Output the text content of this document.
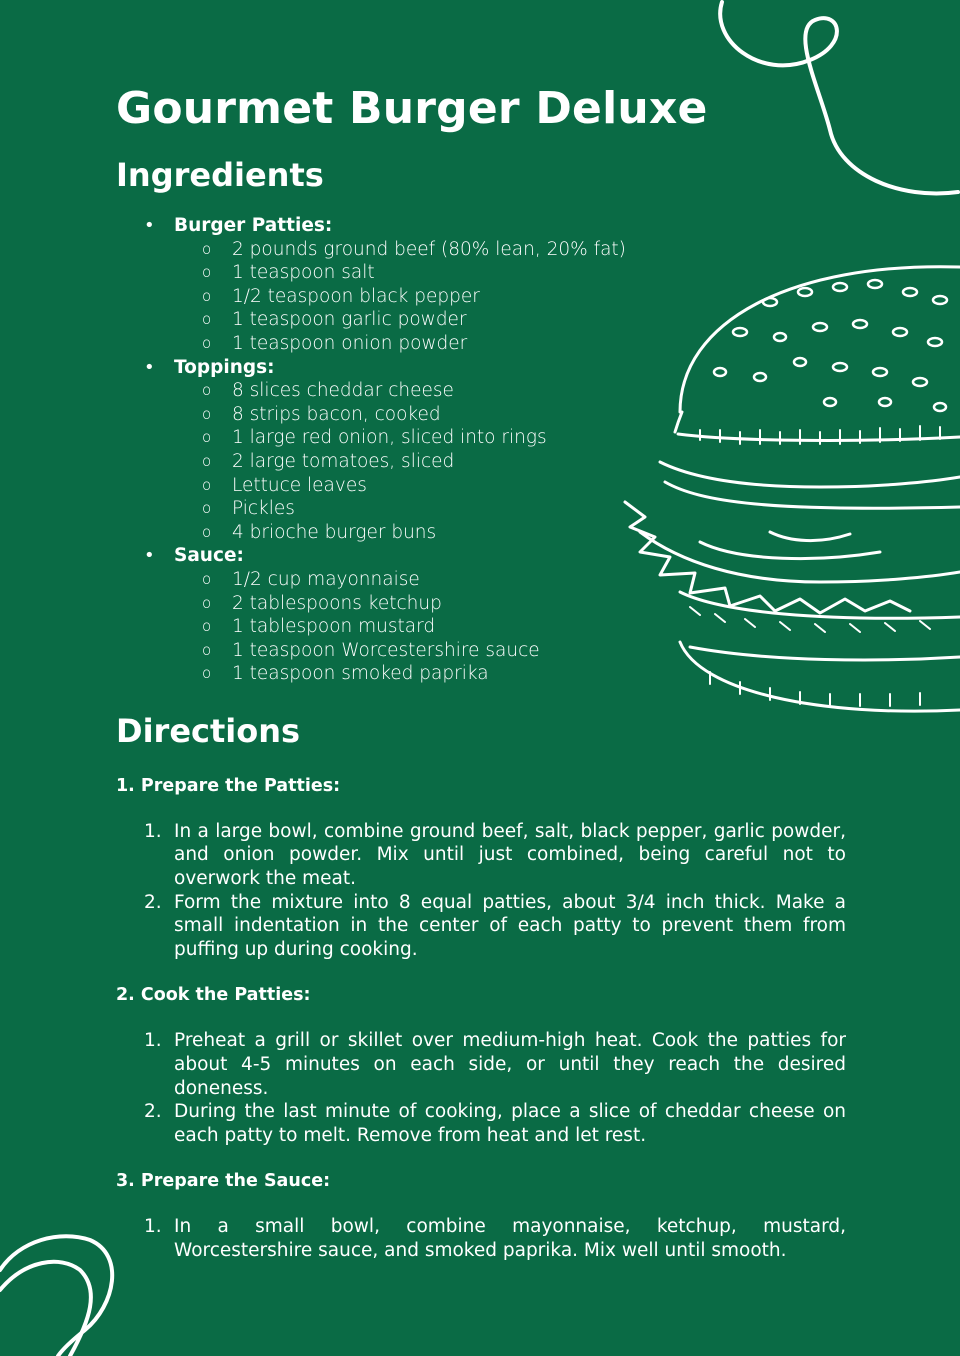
Gourmet Burger Deluxe
Ingredients
• Burger Patties:
o 2 pounds ground beef (80% lean, 20% fat)
o 1 teaspoon salt
o 1/2 teaspoon black pepper
o 1 teaspoon garlic powder
o 1 teaspoon onion powder
• Toppings:
o 8 slices cheddar cheese
o 8 strips bacon, cooked
o 1 large red onion, sliced into rings
o 2 large tomatoes, sliced
o Lettuce leaves
o Pickles
o 4 brioche burger buns
• Sauce:
o 1/2 cup mayonnaise
o 2 tablespoons ketchup
o 1 tablespoon mustard
o 1 teaspoon Worcestershire sauce
o 1 teaspoon smoked paprika
Directions

1. Prepare the Patties:

1. In a large bowl, combine ground beef, salt, black pepper, garlic powder, and onion powder. Mix until just combined, being careful not to overwork the meat.
2. Form the mixture into 8 equal patties, about 3/4 inch thick. Make a small indentation in the center of each patty to prevent them from puffing up during cooking.

2. Cook the Patties:

1. Preheat a grill or skillet over medium-high heat. Cook the patties for about 4-5 minutes on each side, or until they reach the desired doneness.
2. During the last minute of cooking, place a slice of cheddar cheese on each patty to melt. Remove from heat and let rest.

3. Prepare the Sauce:

1. In a small bowl, combine mayonnaise, ketchup, mustard, Worcestershire sauce, and smoked paprika. Mix well until smooth.
